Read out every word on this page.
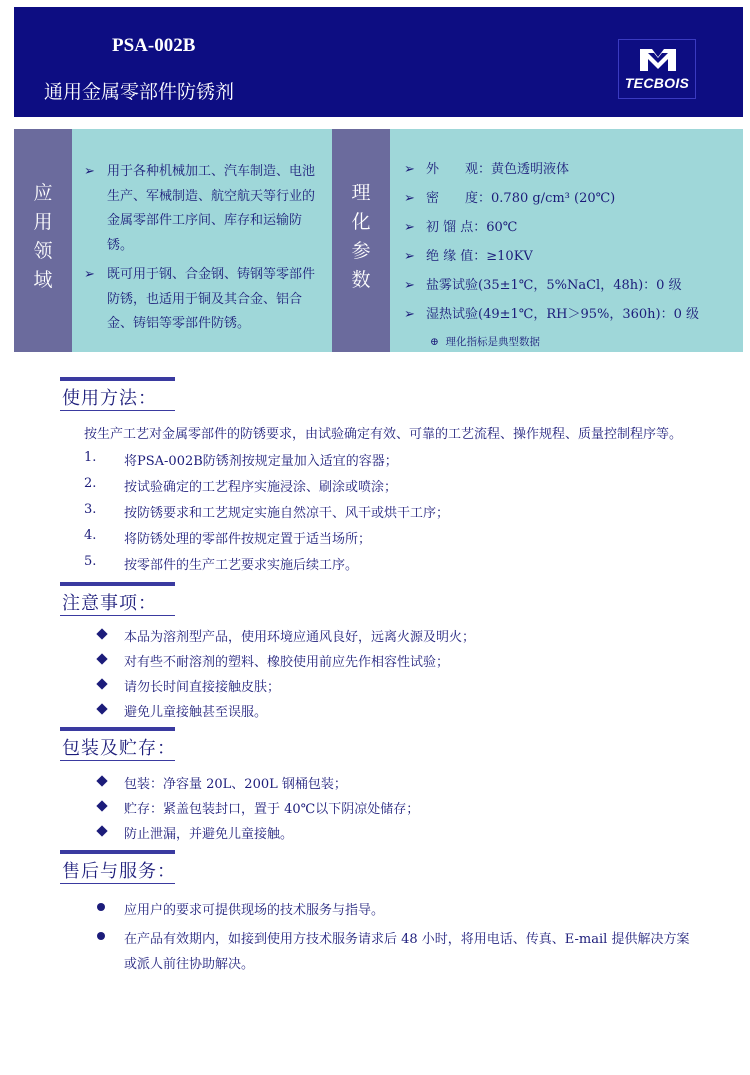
PSA-002B
通用金属零部件防锈剂	TECBOIS
应
用
领
域
➢ 用于各种机械加工、汽车制造、电池生产、军械制造、航空航天等行业的金属零部件工序间、库存和运输防锈。
➢ 既可用于钢、合金钢、铸钢等零部件防锈，也适用于铜及其合金、铝合金、铸铝等零部件防锈。
理
化
参
数
➢ 外　　观：黄色透明液体
➢ 密　　度：0.780 g/cm³ (20℃)
➢ 初 馏 点：60℃
➢ 绝 缘 值：≥10KV
➢ 盐雾试验(35±1℃，5%NaCl，48h)：0 级
➢ 湿热试验(49±1℃，RH＞95%，360h)：0 级
⊕ 理化指标是典型数据
使用方法：
按生产工艺对金属零部件的防锈要求，由试验确定有效、可靠的工艺流程、操作规程、质量控制程序等。
1. 将PSA-002B防锈剂按规定量加入适宜的容器；
2. 按试验确定的工艺程序实施浸涂、刷涂或喷涂；
3. 按防锈要求和工艺规定实施自然凉干、风干或烘干工序；
4. 将防锈处理的零部件按规定置于适当场所；
5. 按零部件的生产工艺要求实施后续工序。
注意事项：
本品为溶剂型产品，使用环境应通风良好，远离火源及明火；
对有些不耐溶剂的塑料、橡胶使用前应先作相容性试验；
请勿长时间直接接触皮肤；
避免儿童接触甚至误服。
包装及贮存：
包装：净容量 20L、200L 钢桶包装；
贮存：紧盖包装封口，置于 40℃以下阴凉处储存；
防止泄漏，并避免儿童接触。
售后与服务：
应用户的要求可提供现场的技术服务与指导。
在产品有效期内，如接到使用方技术服务请求后 48 小时，将用电话、传真、E-mail 提供解决方案
或派人前往协助解决。
